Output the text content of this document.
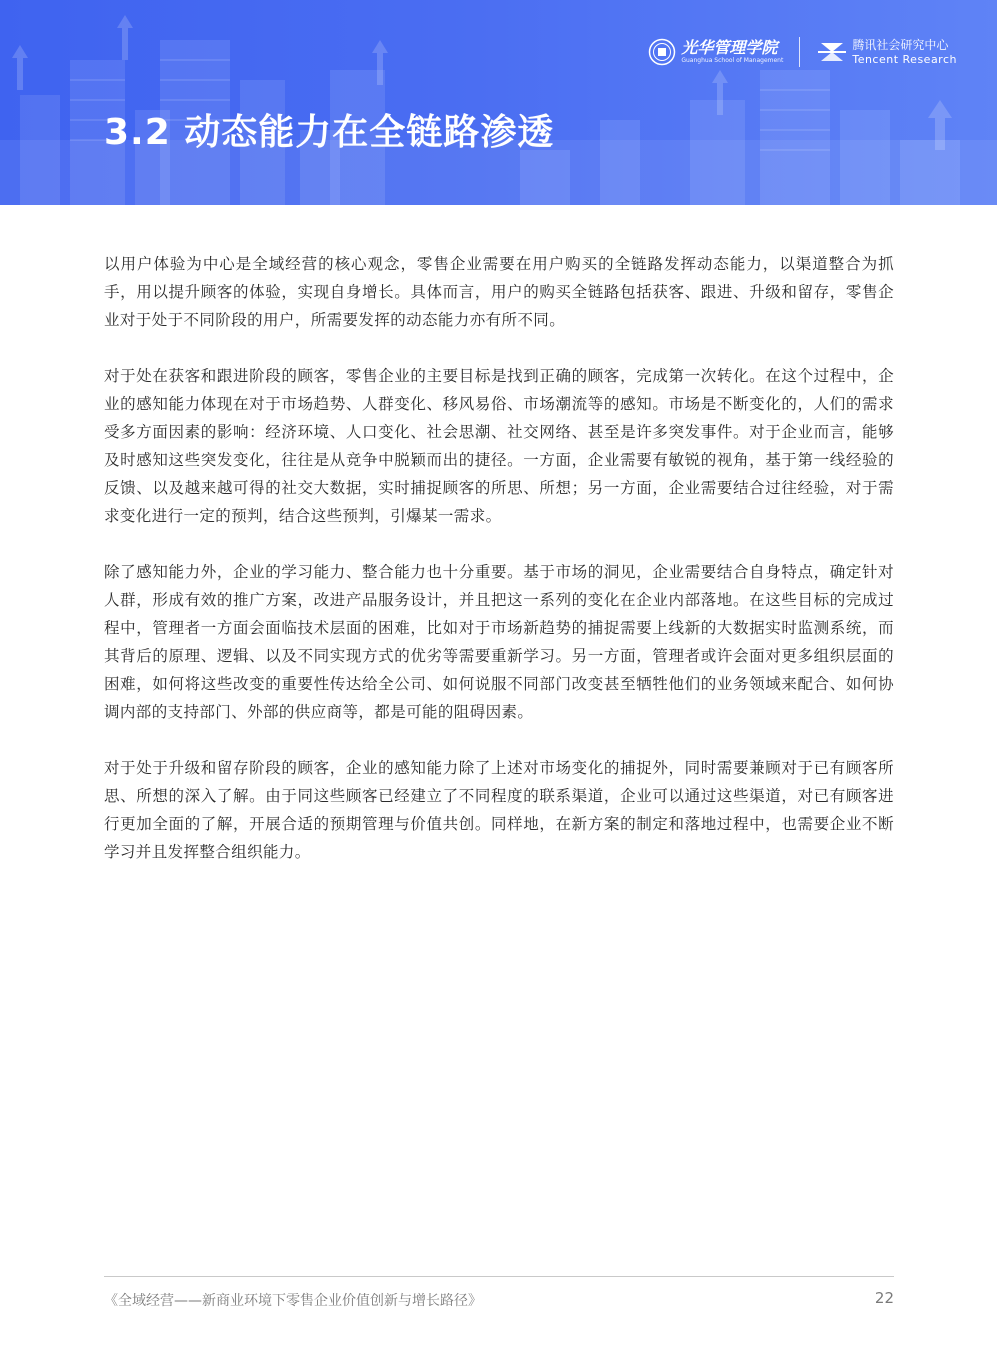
3.2 动态能力在全链路渗透
光华管理学院
Guanghua School of Management
腾讯社会研究中心
Tencent Research

以用户体验为中心是全域经营的核心观念，零售企业需要在用户购买的全链路发挥动态能力，以渠道整合为抓手，用以提升顾客的体验，实现自身增长。具体而言，用户的购买全链路包括获客、跟进、升级和留存，零售企业对于处于不同阶段的用户，所需要发挥的动态能力亦有所不同。

对于处在获客和跟进阶段的顾客，零售企业的主要目标是找到正确的顾客，完成第一次转化。在这个过程中，企业的感知能力体现在对于市场趋势、人群变化、移风易俗、市场潮流等的感知。市场是不断变化的，人们的需求受多方面因素的影响：经济环境、人口变化、社会思潮、社交网络、甚至是许多突发事件。对于企业而言，能够及时感知这些突发变化，往往是从竞争中脱颖而出的捷径。一方面，企业需要有敏锐的视角，基于第一线经验的反馈、以及越来越可得的社交大数据，实时捕捉顾客的所思、所想；另一方面，企业需要结合过往经验，对于需求变化进行一定的预判，结合这些预判，引爆某一需求。

除了感知能力外，企业的学习能力、整合能力也十分重要。基于市场的洞见，企业需要结合自身特点，确定针对人群，形成有效的推广方案，改进产品服务设计，并且把这一系列的变化在企业内部落地。在这些目标的完成过程中，管理者一方面会面临技术层面的困难，比如对于市场新趋势的捕捉需要上线新的大数据实时监测系统，而其背后的原理、逻辑、以及不同实现方式的优劣等需要重新学习。另一方面，管理者或许会面对更多组织层面的困难，如何将这些改变的重要性传达给全公司、如何说服不同部门改变甚至牺牲他们的业务领域来配合、如何协调内部的支持部门、外部的供应商等，都是可能的阻碍因素。

对于处于升级和留存阶段的顾客，企业的感知能力除了上述对市场变化的捕捉外，同时需要兼顾对于已有顾客所思、所想的深入了解。由于同这些顾客已经建立了不同程度的联系渠道，企业可以通过这些渠道，对已有顾客进行更加全面的了解，开展合适的预期管理与价值共创。同样地，在新方案的制定和落地过程中，也需要企业不断学习并且发挥整合组织能力。

《全域经营——新商业环境下零售企业价值创新与增长路径》	22
